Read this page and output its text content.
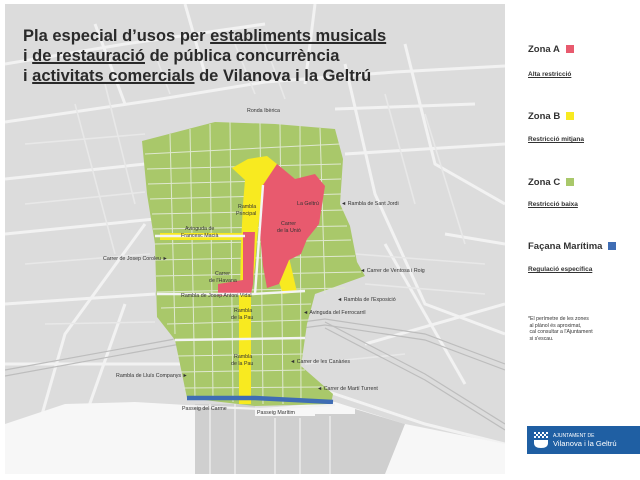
Ronda Ibèrica
La Geltrú	◄ Rambla de Sant Jordi
Rambla
Principal
Carrer
de la Unió
Avinguda de
Francesc Macià
Carrer de Josep Coroleu ►
◄ Carrer de Ventosa i Roig
Carrer
de l'Havana
Rambla de Josep Antoni Vidal
◄ Rambla de l'Exposició
◄ Avinguda del Ferrocarril
Rambla
de la Pau
Rambla
de la Pau	◄ Carrer de les Canàries
Rambla de Lluís Companys ►
◄ Carrer de Martí Turrent
Passeig del Carme
Passeig Marítim
Pla especial d’usos per establiments musicals
i de restauració de pública concurrència
i activitats comercials de Vilanova i la Geltrú
Zona A
Alta restricció
Zona B
Restricció mitjana
Zona C
Restricció baixa
Façana Marítima
Regulació específica
*El perímetre de les zones
al plànol és aproximat,
cal consultar a l'Ajuntament
si s'escau.
AJUNTAMENT DE
Vilanova i la Geltrú
